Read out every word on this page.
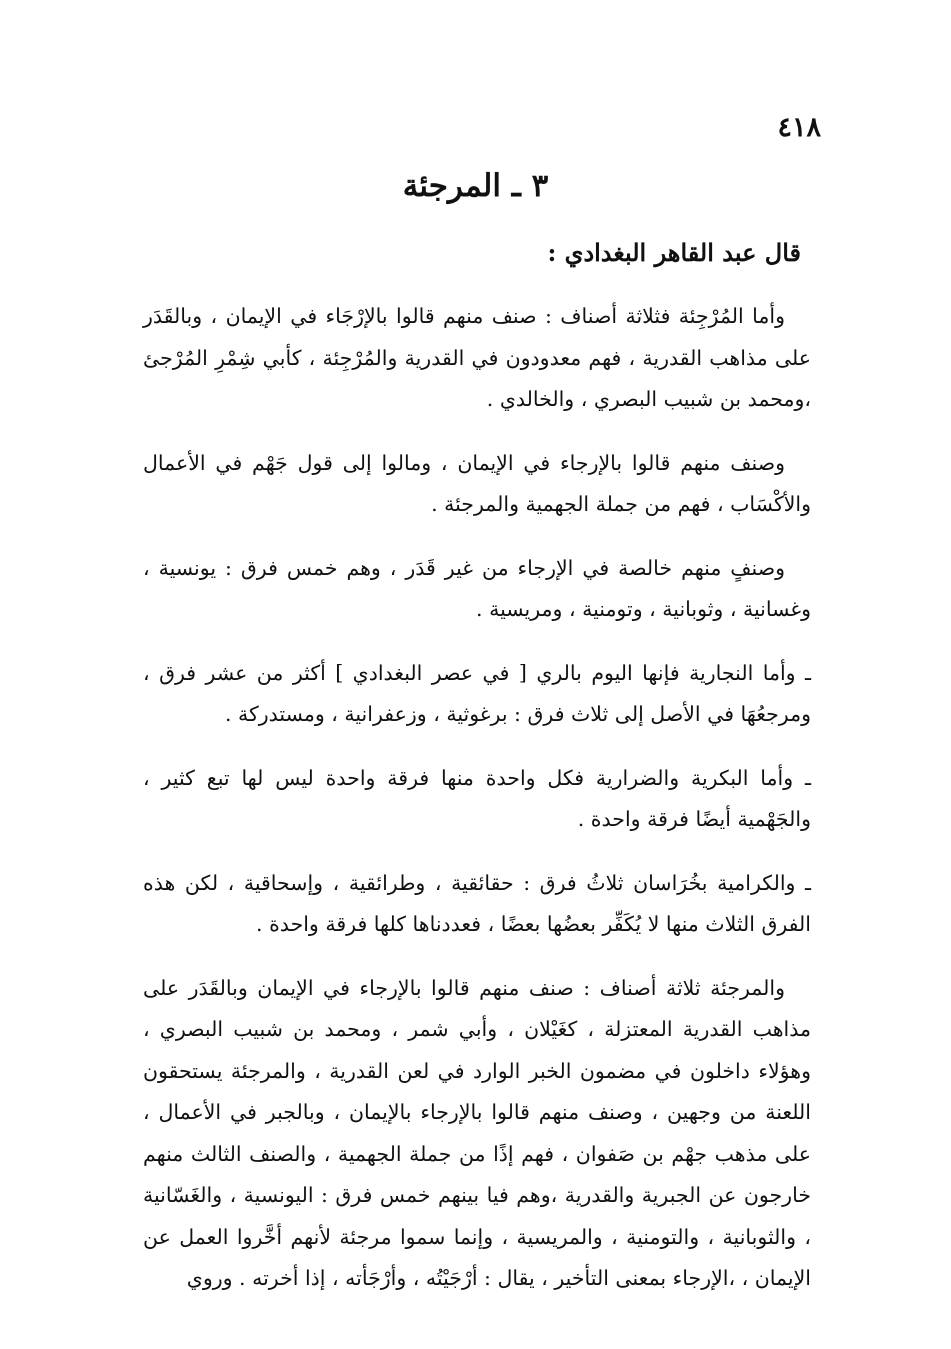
٤١٨
٣ ـ المرجئة
قال عبد القاهر البغدادي :

وأما المُرْجِئة فثلاثة أصناف : صنف منهم قالوا بالإرْجَاء في الإيمان ، وبالقَدَر على مذاهب القدرية ، فهم معدودون في القدرية والمُرْجِئة ، كأبي شِمْرِ المُرْجئ ،ومحمد بن شبيب البصري ، والخالدي .

وصنف منهم قالوا بالإرجاء في الإيمان ، ومالوا إلى قول جَهْم في الأعمال والأكْسَاب ، فهم من جملة الجهمية والمرجئة .

وصنفٍ منهم خالصة في الإرجاء من غير قَدَر ، وهم خمس فرق : يونسية ، وغسانية ، وثوبانية ، وتومنية ، ومريسية .

ـ وأما النجارية فإنها اليوم بالري [ في عصر البغدادي ] أكثر من عشر فرق ، ومرجعُهَا في الأصل إلى ثلاث فرق : برغوثية ، وزعفرانية ، ومستدركة .

ـ وأما البكرية والضرارية فكل واحدة منها فرقة واحدة ليس لها تبع كثير ، والجَهْمية أيضًا فرقة واحدة .

ـ والكرامية بخُرَاسان ثلاثُ فرق : حقائقية ، وطرائقية ، وإسحاقية ، لكن هذه الفرق الثلاث منها لا يُكَفِّر بعضُها بعضًا ، فعددناها كلها فرقة واحدة .

والمرجئة ثلاثة أصناف : صنف منهم قالوا بالإرجاء في الإيمان وبالقَدَر على مذاهب القدرية المعتزلة ، كغَيْلان ، وأبي شمر ، ومحمد بن شبيب البصري ، وهؤلاء داخلون في مضمون الخبر الوارد في لعن القدرية ، والمرجئة يستحقون اللعنة من وجهين ، وصنف منهم قالوا بالإرجاء بالإيمان ، وبالجبر في الأعمال ، على مذهب جهْم بن صَفوان ، فهم إذًا من جملة الجهمية ، والصنف الثالث منهم خارجون عن الجبرية والقدرية ،وهم فيا بينهم خمس فرق : اليونسية ، والغَسّانية ، والثوبانية ، والتومنية ، والمريسية ، وإنما سموا مرجئة لأنهم أخَّروا العمل عن الإيمان ، ،الإرجاء بمعنى التأخير ، يقال : أرْجَيْتُه ، وأرْجَأته ، إذا أخرته . وروي
